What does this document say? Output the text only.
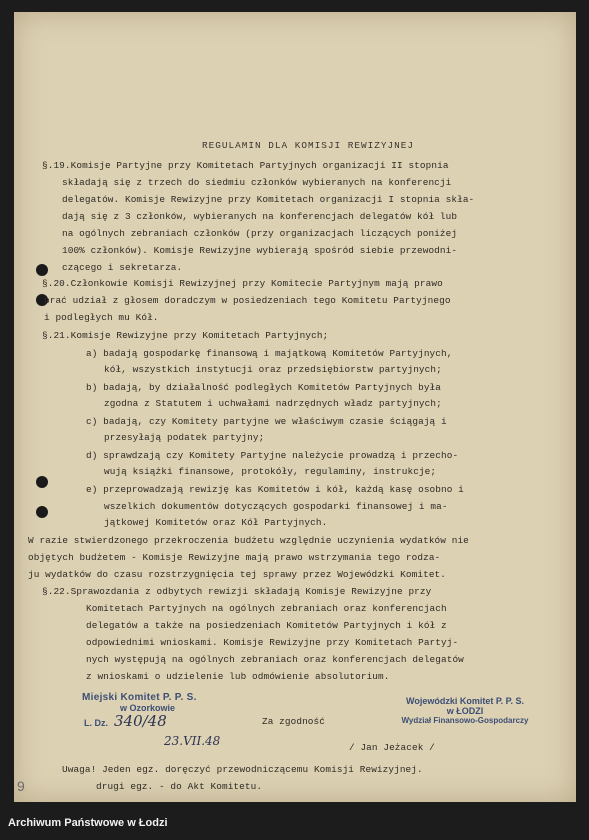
REGULAMIN DLA KOMISJI REWIZYJNEJ
§.19.Komisje Partyjne przy Komitetach Partyjnych organizacji II stopnia
składają się z trzech do siedmiu członków wybieranych na konferencji
delegatów. Komisje Rewizyjne przy Komitetach organizacji I stopnia skła-
dają się z 3 członków, wybieranych na konferencjach delegatów kół lub
na ogólnych zebraniach członków (przy organizacjach liczących poniżej
100% członków). Komisje Rewizyjne wybierają spośród siebie przewodni-
czącego i sekretarza.
§.20.Członkowie Komisji Rewizyjnej przy Komitecie Partyjnym mają prawo
brać udział z głosem doradczym w posiedzeniach tego Komitetu Partyjnego
i podległych mu Kół.
§.21.Komisje Rewizyjne przy Komitetach Partyjnych;
a) badają gospodarkę finansową i majątkową Komitetów Partyjnych,
kół, wszystkich instytucji oraz przedsiębiorstw partyjnych;
b) badają, by działalność podległych Komitetów Partyjnych była
zgodna z Statutem i uchwałami nadrzędnych władz partyjnych;
c) badają, czy Komitety partyjne we właściwym czasie ściągają i
przesyłają podatek partyjny;
d) sprawdzają czy Komitety Partyjne należycie prowadzą i przecho-
wują książki finansowe, protokóły, regulaminy, instrukcje;
e) przeprowadzają rewizję kas Komitetów i kół, każdą kasę osobno i
wszelkich dokumentów dotyczących gospodarki finansowej i ma-
jątkowej Komitetów oraz Kół Partyjnych.
W razie stwierdzonego przekroczenia budżetu względnie uczynienia wydatków nie
objętych budżetem - Komisje Rewizyjne mają prawo wstrzymania tego rodza-
ju wydatków do czasu rozstrzygnięcia tej sprawy przez Wojewódzki Komitet.
§.22.Sprawozdania z odbytych rewizji składają Komisje Rewizyjne przy
Komitetach Partyjnych na ogólnych zebraniach oraz konferencjach
delegatów a także na posiedzeniach Komitetów Partyjnych i kół z
odpowiednimi wnioskami. Komisje Rewizyjne przy Komitetach Partyj-
nych występują na ogólnych zebraniach oraz konferencjach delegatów
z wnioskami o udzielenie lub odmówienie absolutorium.
Miejski Komitet P. P. S.
w Ozorkowie
L. Dz. 340/48
23.VII.48
Za zgodność
Wojewódzki Komitet P. P. S.
w ŁODZI
Wydział Finansowo-Gospodarczy
/ Jan Jeżacek /
Uwaga! Jeden egz. doręczyć przewodniczącemu Komisji Rewizyjnej.
drugi egz. - do Akt Komitetu.
9
Archiwum Państwowe w Łodzi
